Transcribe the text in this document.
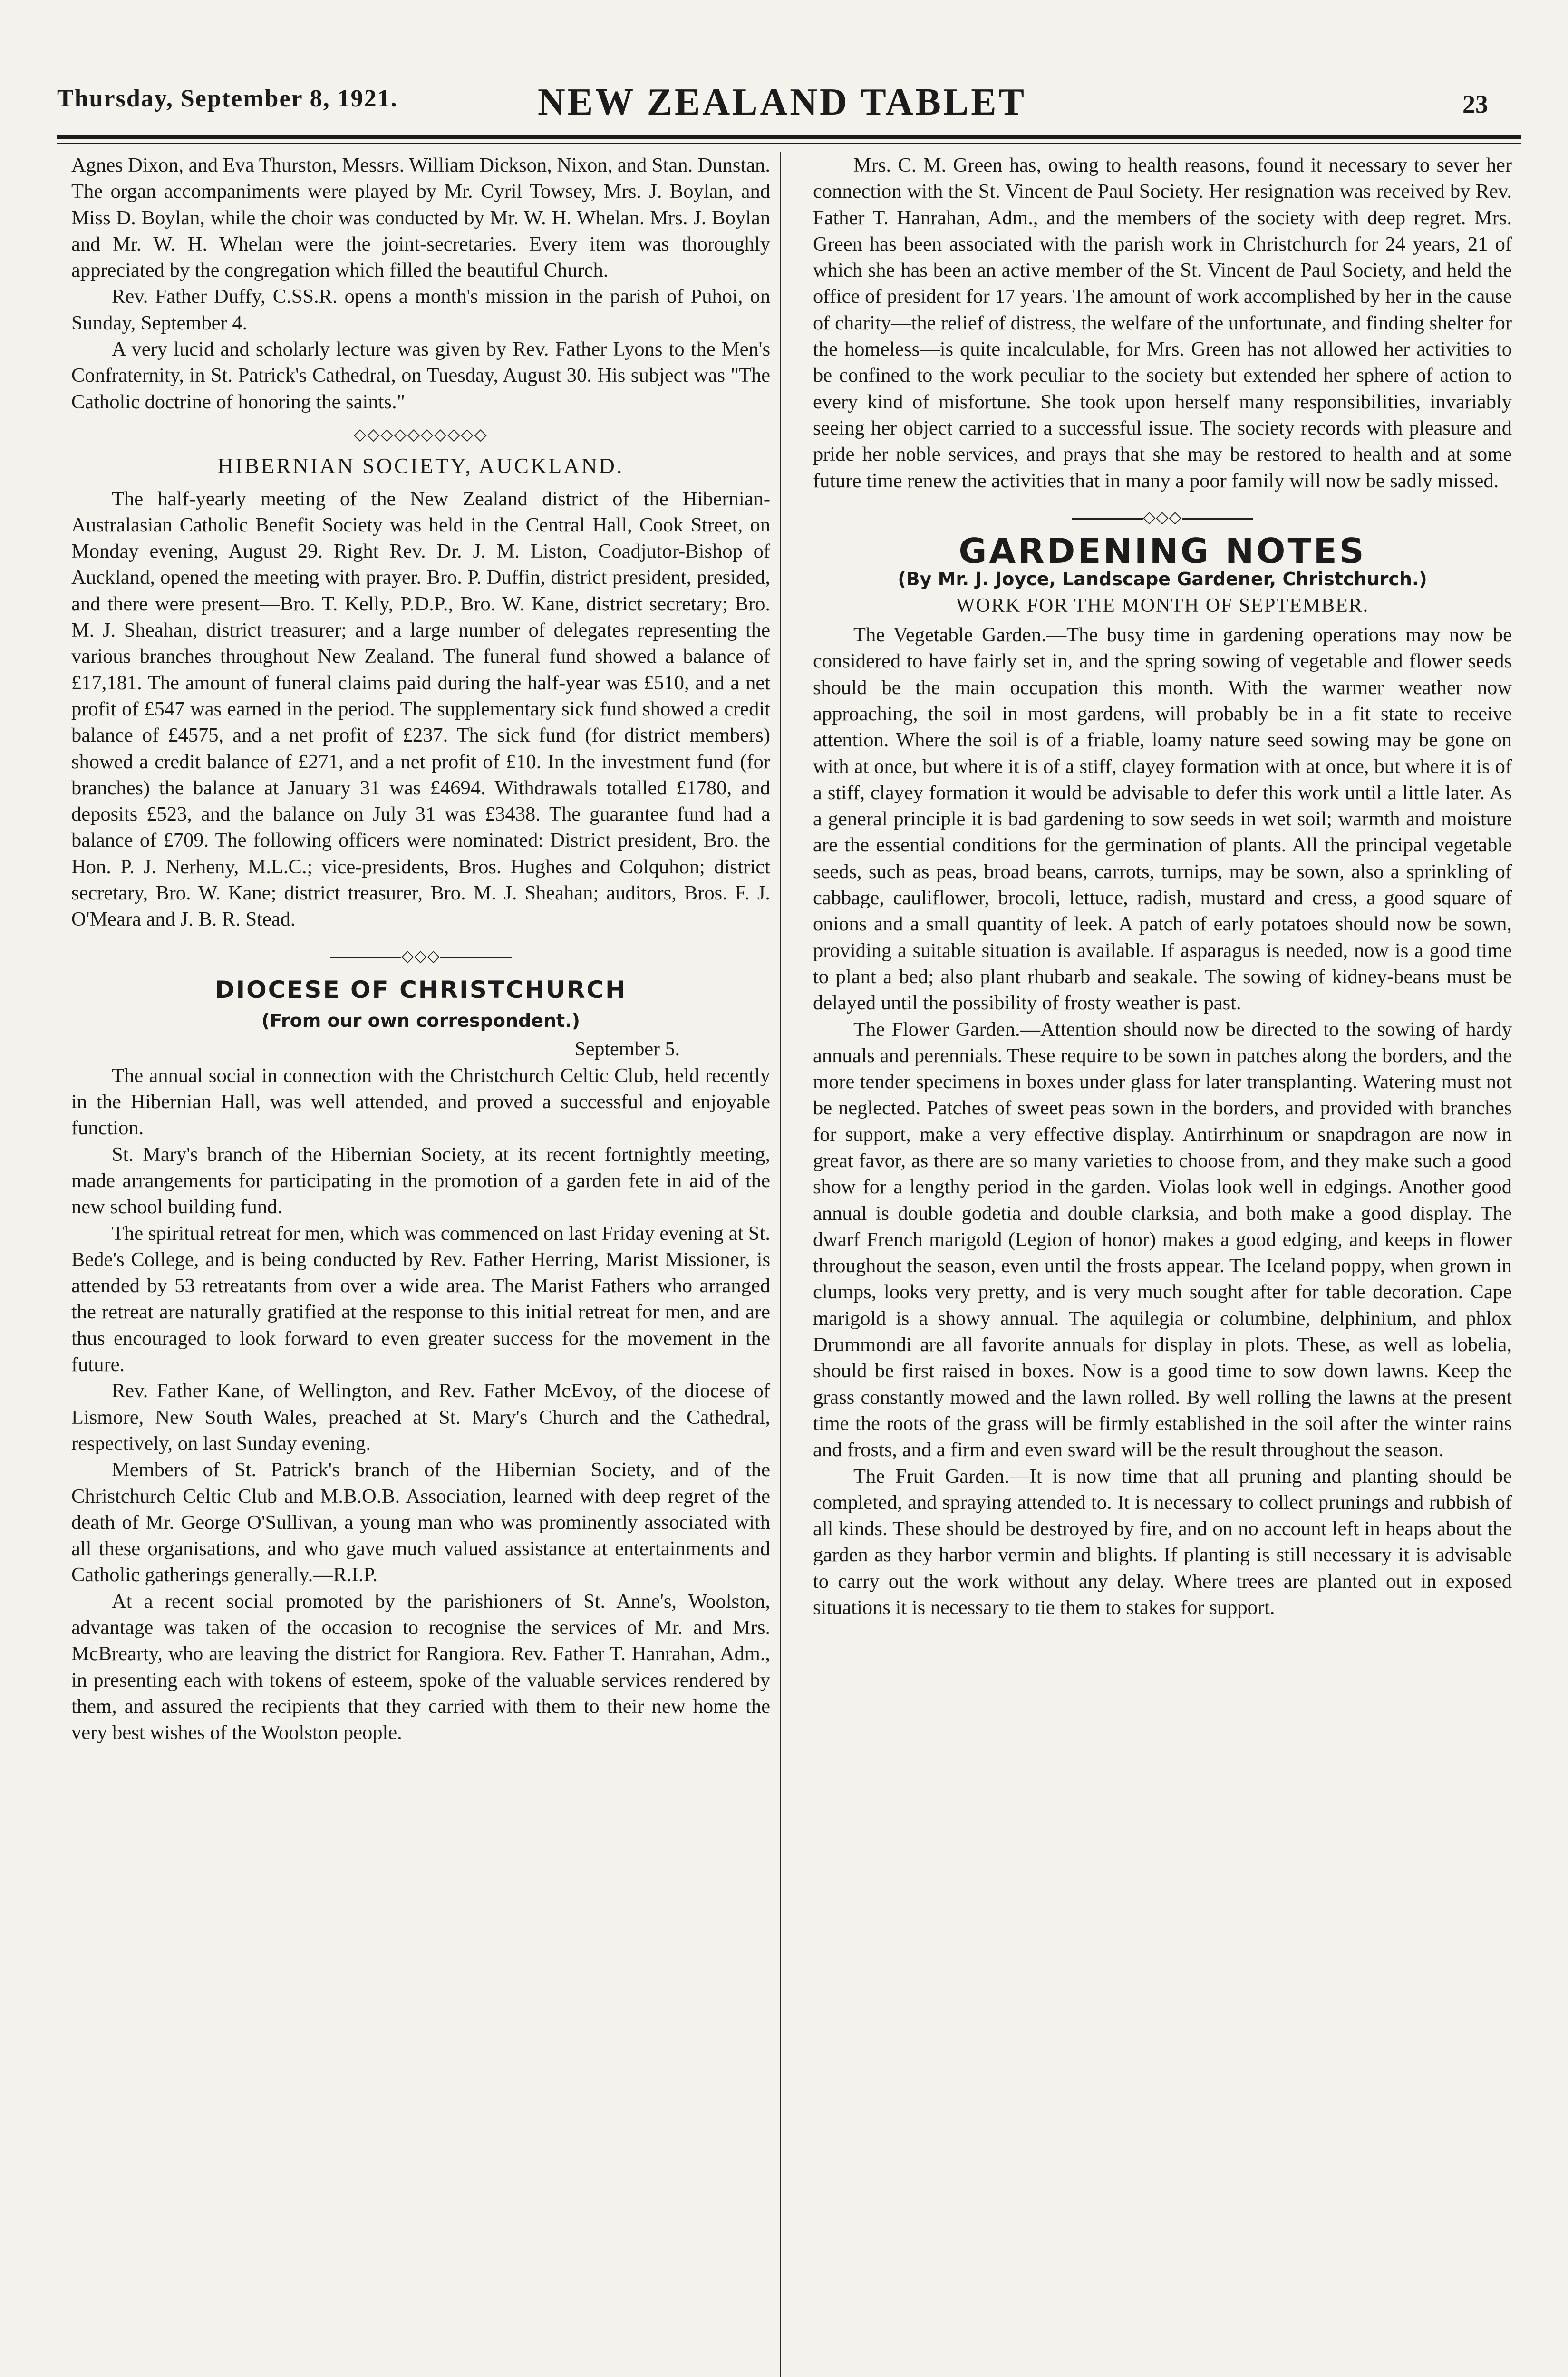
Thursday, September 8, 1921.	NEW ZEALAND TABLET	23

Agnes Dixon, and Eva Thurston, Messrs. William Dickson, Nixon, and Stan. Dunstan. The organ accompaniments were played by Mr. Cyril Towsey, Mrs. J. Boylan, and Miss D. Boylan, while the choir was conducted by Mr. W. H. Whelan. Mrs. J. Boylan and Mr. W. H. Whelan were the joint-secretaries. Every item was thoroughly appreciated by the congregation which filled the beautiful Church.

Rev. Father Duffy, C.SS.R. opens a month's mission in the parish of Puhoi, on Sunday, September 4.

A very lucid and scholarly lecture was given by Rev. Father Lyons to the Men's Confraternity, in St. Patrick's Cathedral, on Tuesday, August 30. His subject was "The Catholic doctrine of honoring the saints."

◇◇◇◇◇◇◇◇◇◇
HIBERNIAN SOCIETY, AUCKLAND.

The half-yearly meeting of the New Zealand district of the Hibernian-Australasian Catholic Benefit Society was held in the Central Hall, Cook Street, on Monday evening, August 29. Right Rev. Dr. J. M. Liston, Coadjutor-Bishop of Auckland, opened the meeting with prayer. Bro. P. Duffin, district president, presided, and there were present—Bro. T. Kelly, P.D.P., Bro. W. Kane, district secretary; Bro. M. J. Sheahan, district treasurer; and a large number of delegates representing the various branches throughout New Zealand. The funeral fund showed a balance of £17,181. The amount of funeral claims paid during the half-year was £510, and a net profit of £547 was earned in the period. The supplementary sick fund showed a credit balance of £4575, and a net profit of £237. The sick fund (for district members) showed a credit balance of £271, and a net profit of £10. In the investment fund (for branches) the balance at January 31 was £4694. Withdrawals totalled £1780, and deposits £523, and the balance on July 31 was £3438. The guarantee fund had a balance of £709. The following officers were nominated: District president, Bro. the Hon. P. J. Nerheny, M.L.C.; vice-presidents, Bros. Hughes and Colquhon; district secretary, Bro. W. Kane; district treasurer, Bro. M. J. Sheahan; auditors, Bros. F. J. O'Meara and J. B. R. Stead.

◇◇◇
DIOCESE OF CHRISTCHURCH
(From our own correspondent.)
September 5.

The annual social in connection with the Christchurch Celtic Club, held recently in the Hibernian Hall, was well attended, and proved a successful and enjoyable function.

St. Mary's branch of the Hibernian Society, at its recent fortnightly meeting, made arrangements for participating in the promotion of a garden fete in aid of the new school building fund.

The spiritual retreat for men, which was commenced on last Friday evening at St. Bede's College, and is being conducted by Rev. Father Herring, Marist Missioner, is attended by 53 retreatants from over a wide area. The Marist Fathers who arranged the retreat are naturally gratified at the response to this initial retreat for men, and are thus encouraged to look forward to even greater success for the movement in the future.

Rev. Father Kane, of Wellington, and Rev. Father McEvoy, of the diocese of Lismore, New South Wales, preached at St. Mary's Church and the Cathedral, respectively, on last Sunday evening.

Members of St. Patrick's branch of the Hibernian Society, and of the Christchurch Celtic Club and M.B.O.B. Association, learned with deep regret of the death of Mr. George O'Sullivan, a young man who was prominently associated with all these organisations, and who gave much valued assistance at entertainments and Catholic gatherings generally.—R.I.P.

At a recent social promoted by the parishioners of St. Anne's, Woolston, advantage was taken of the occasion to recognise the services of Mr. and Mrs. McBrearty, who are leaving the district for Rangiora. Rev. Father T. Hanrahan, Adm., in presenting each with tokens of esteem, spoke of the valuable services rendered by them, and assured the recipients that they carried with them to their new home the very best wishes of the Woolston people.

Mrs. C. M. Green has, owing to health reasons, found it necessary to sever her connection with the St. Vincent de Paul Society. Her resignation was received by Rev. Father T. Hanrahan, Adm., and the members of the society with deep regret. Mrs. Green has been associated with the parish work in Christchurch for 24 years, 21 of which she has been an active member of the St. Vincent de Paul Society, and held the office of president for 17 years. The amount of work accomplished by her in the cause of charity—the relief of distress, the welfare of the unfortunate, and finding shelter for the homeless—is quite incalculable, for Mrs. Green has not allowed her activities to be confined to the work peculiar to the society but extended her sphere of action to every kind of misfortune. She took upon herself many responsibilities, invariably seeing her object carried to a successful issue. The society records with pleasure and pride her noble services, and prays that she may be restored to health and at some future time renew the activities that in many a poor family will now be sadly missed.

◇◇◇
GARDENING NOTES
(By Mr. J. Joyce, Landscape Gardener, Christchurch.)
WORK FOR THE MONTH OF SEPTEMBER.

The Vegetable Garden.—The busy time in gardening operations may now be considered to have fairly set in, and the spring sowing of vegetable and flower seeds should be the main occupation this month. With the warmer weather now approaching, the soil in most gardens, will probably be in a fit state to receive attention. Where the soil is of a friable, loamy nature seed sowing may be gone on with at once, but where it is of a stiff, clayey formation with at once, but where it is of a stiff, clayey formation it would be advisable to defer this work until a little later. As a general principle it is bad gardening to sow seeds in wet soil; warmth and moisture are the essential conditions for the germination of plants. All the principal vegetable seeds, such as peas, broad beans, carrots, turnips, may be sown, also a sprinkling of cabbage, cauliflower, brocoli, lettuce, radish, mustard and cress, a good square of onions and a small quantity of leek. A patch of early potatoes should now be sown, providing a suitable situation is available. If asparagus is needed, now is a good time to plant a bed; also plant rhubarb and seakale. The sowing of kidney-beans must be delayed until the possibility of frosty weather is past.

The Flower Garden.—Attention should now be directed to the sowing of hardy annuals and perennials. These require to be sown in patches along the borders, and the more tender specimens in boxes under glass for later transplanting. Watering must not be neglected. Patches of sweet peas sown in the borders, and provided with branches for support, make a very effective display. Antirrhinum or snapdragon are now in great favor, as there are so many varieties to choose from, and they make such a good show for a lengthy period in the garden. Violas look well in edgings. Another good annual is double godetia and double clarksia, and both make a good display. The dwarf French marigold (Legion of honor) makes a good edging, and keeps in flower throughout the season, even until the frosts appear. The Iceland poppy, when grown in clumps, looks very pretty, and is very much sought after for table decoration. Cape marigold is a showy annual. The aquilegia or columbine, delphinium, and phlox Drummondi are all favorite annuals for display in plots. These, as well as lobelia, should be first raised in boxes. Now is a good time to sow down lawns. Keep the grass constantly mowed and the lawn rolled. By well rolling the lawns at the present time the roots of the grass will be firmly established in the soil after the winter rains and frosts, and a firm and even sward will be the result throughout the season.

The Fruit Garden.—It is now time that all pruning and planting should be completed, and spraying attended to. It is necessary to collect prunings and rubbish of all kinds. These should be destroyed by fire, and on no account left in heaps about the garden as they harbor vermin and blights. If planting is still necessary it is advisable to carry out the work without any delay. Where trees are planted out in exposed situations it is necessary to tie them to stakes for support.
